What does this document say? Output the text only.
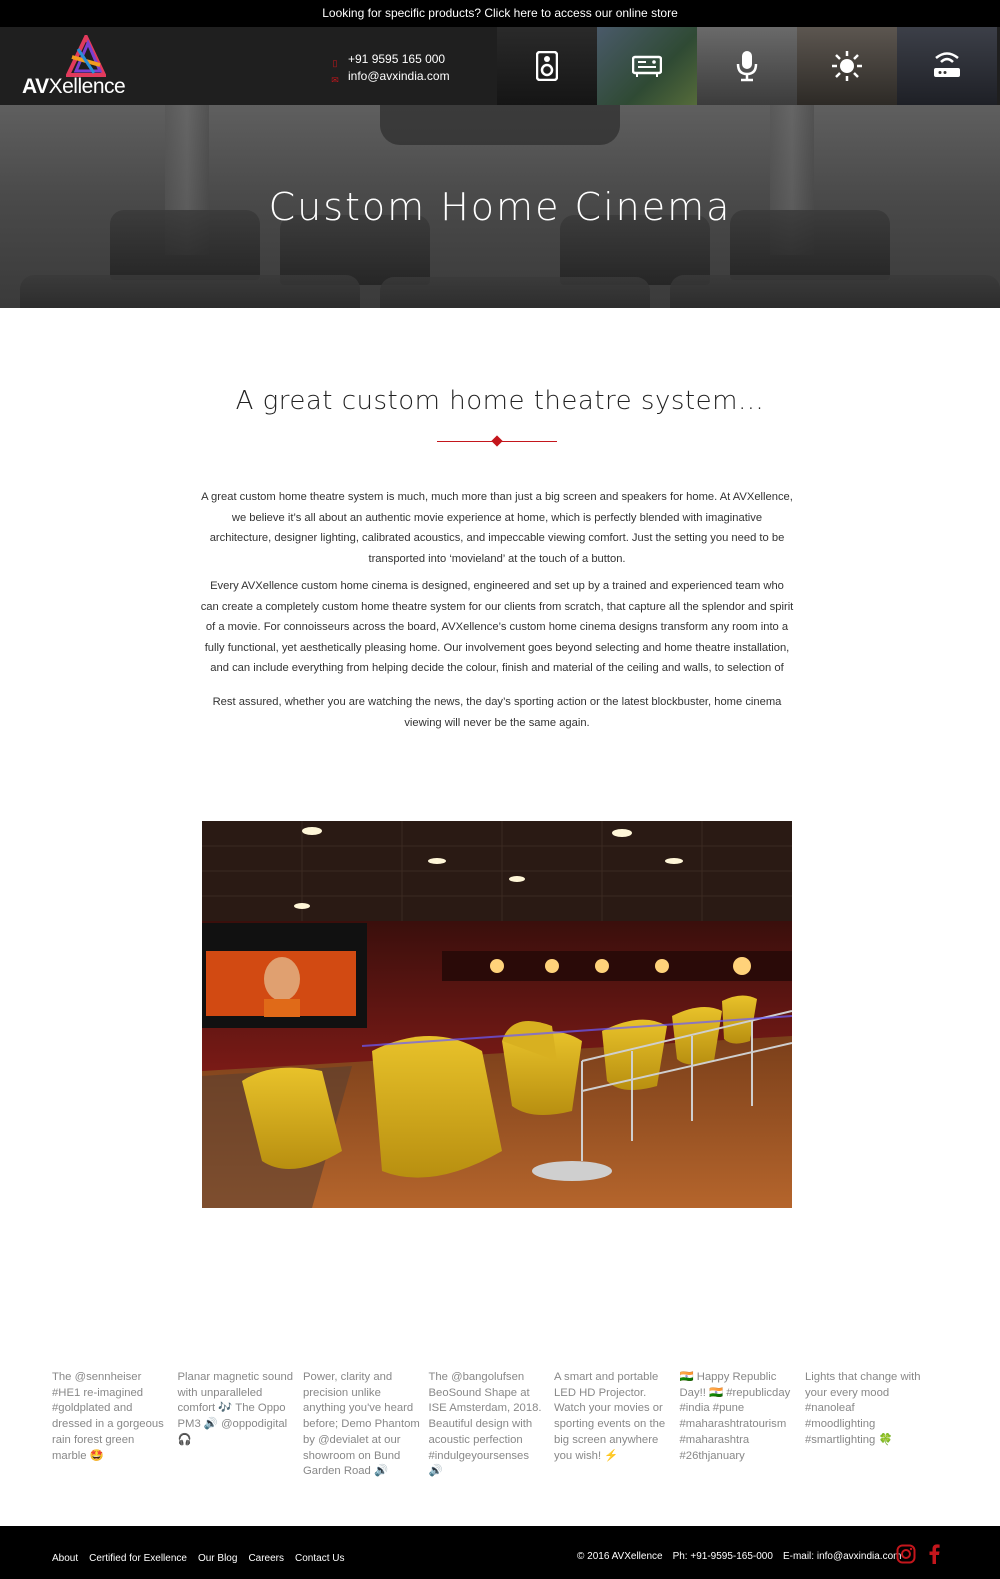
Looking for specific products? Click here to access our online store
AVXellence
▯ +91 9595 165 000
✉ info@avxindia.com
Custom Home Cinema
A great custom home theatre system…

A great custom home theatre system is much, much more than just a big screen and speakers for home. At AVXellence, we believe it’s all about an authentic movie experience at home, which is perfectly blended with imaginative architecture, designer lighting, calibrated acoustics, and impeccable viewing comfort. Just the setting you need to be transported into ‘movieland’ at the touch of a button.

Every AVXellence custom home cinema is designed, engineered and set up by a trained and experienced team who can create a completely custom home theatre system for our clients from scratch, that capture all the splendor and spirit of a movie. For connoisseurs across the board, AVXellence’s custom home cinema designs transform any room into a fully functional, yet aesthetically pleasing home. Our involvement goes beyond selecting and home theatre installation, and can include everything from helping decide the colour, finish and material of the ceiling and walls, to selection of

Rest assured, whether you are watching the news, the day’s sporting action or the latest blockbuster, home cinema viewing will never be the same again.

The @sennheiser #HE1 re-imagined #goldplated and dressed in a gorgeous rain forest green marble 🤩
Planar magnetic sound with unparalleled comfort 🎶 The Oppo PM3 🔊 @oppodigital 🎧
Power, clarity and precision unlike anything you've heard before; Demo Phantom by @devialet at our showroom on Bund Garden Road 🔊
The @bangolufsen BeoSound Shape at ISE Amsterdam, 2018. Beautiful design with acoustic perfection #indulgeyoursenses 🔊
A smart and portable LED HD Projector. Watch your movies or sporting events on the big screen anywhere you wish! ⚡
🇮🇳 Happy Republic Day!! 🇮🇳 #republicday #india #pune #maharashtratourism #maharashtra #26thjanuary
Lights that change with your every mood #nanoleaf #moodlighting #smartlighting 🍀
About Certified for Exellence Our Blog Careers Contact Us	© 2016 AVXellence Ph: +91-9595-165-000 E-mail: info@avxindia.com
